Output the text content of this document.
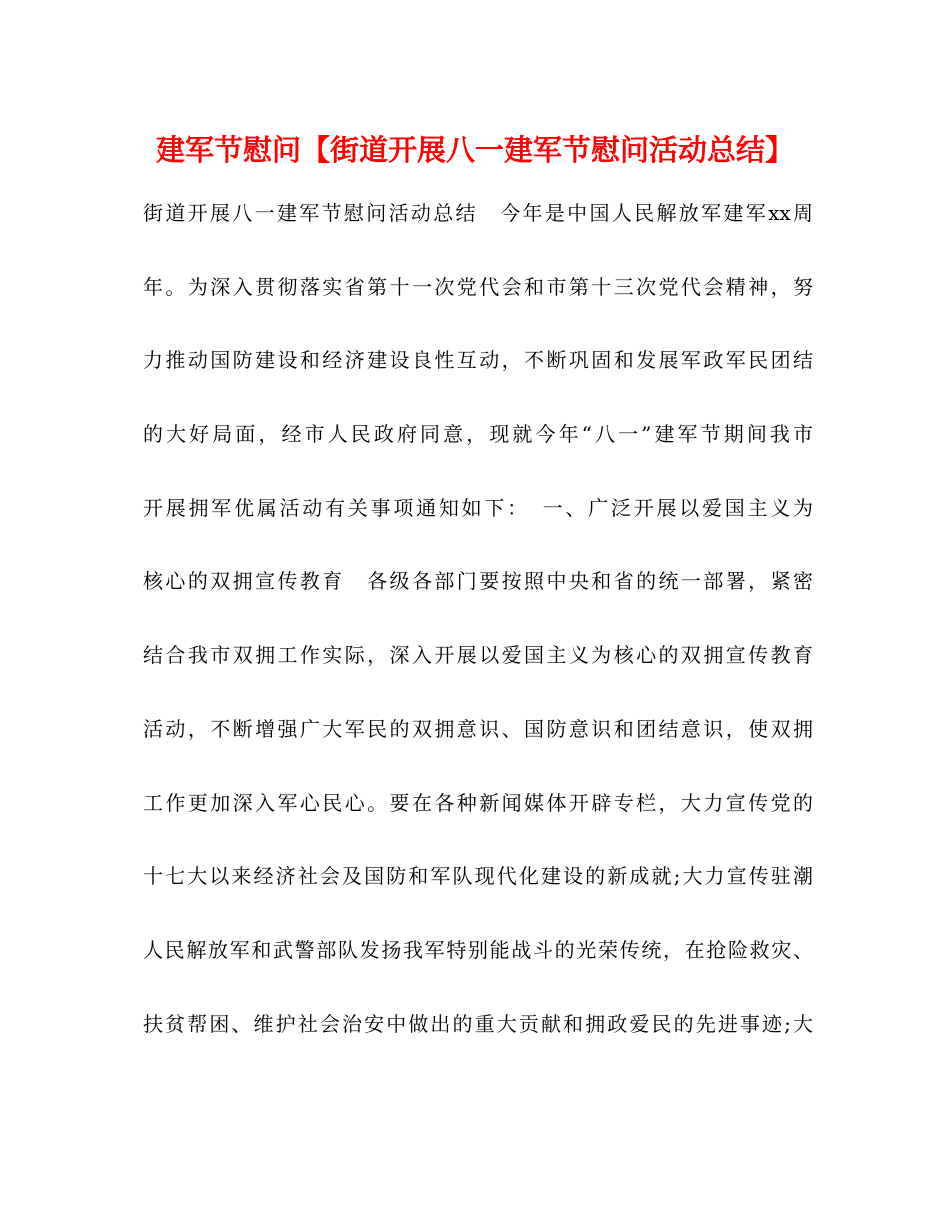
建军节慰问【街道开展八一建军节慰问活动总结】
街道开展八一建军节慰问活动总结　今年是中国人民解放军建军xx周
年。为深入贯彻落实省第十一次党代会和市第十三次党代会精神，努
力推动国防建设和经济建设良性互动，不断巩固和发展军政军民团结
的大好局面，经市人民政府同意，现就今年“八一”建军节期间我市
开展拥军优属活动有关事项通知如下：　一、广泛开展以爱国主义为
核心的双拥宣传教育　各级各部门要按照中央和省的统一部署，紧密
结合我市双拥工作实际，深入开展以爱国主义为核心的双拥宣传教育
活动，不断增强广大军民的双拥意识、国防意识和团结意识，使双拥
工作更加深入军心民心。要在各种新闻媒体开辟专栏，大力宣传党的
十七大以来经济社会及国防和军队现代化建设的新成就;大力宣传驻潮
人民解放军和武警部队发扬我军特别能战斗的光荣传统，在抢险救灾、
扶贫帮困、维护社会治安中做出的重大贡献和拥政爱民的先进事迹;大
